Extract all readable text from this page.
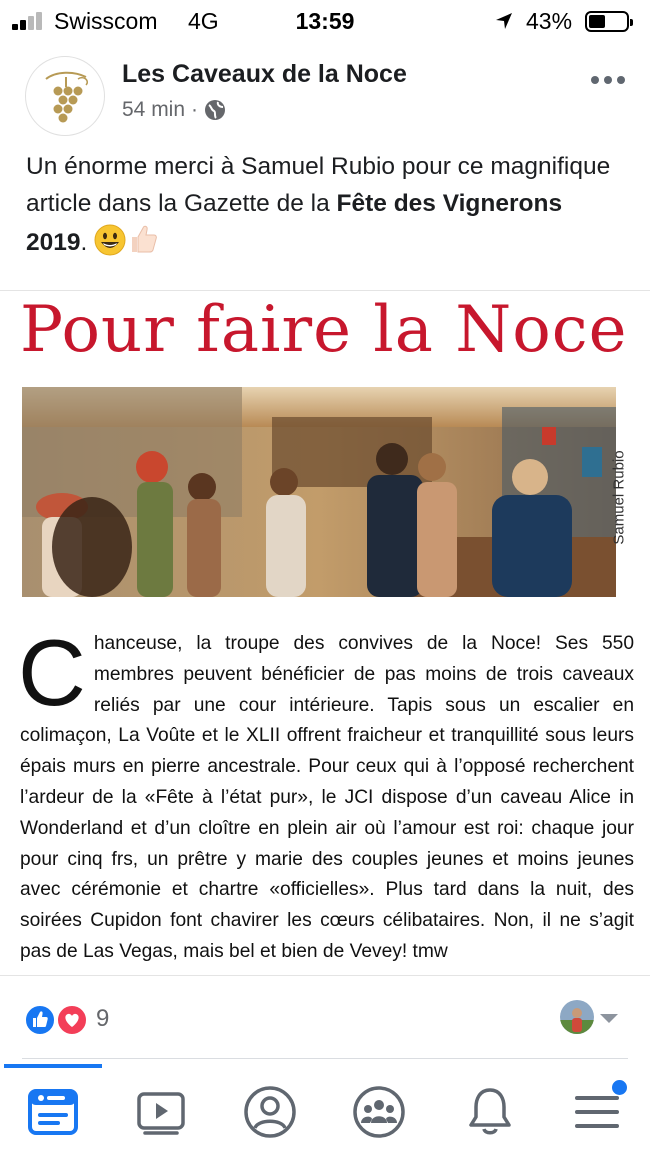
Swisscom 4G	13:59	43%
Les Caveaux de la Noce
54 min ·
Un énorme merci à Samuel Rubio pour ce magnifique article dans la Gazette de la Fête des Vignerons 2019.
Pour faire la Noce
Samuel Rubio
Chanceuse, la troupe des convives de la Noce! Ses 550 membres peuvent bénéficier de pas moins de trois caveaux reliés par une cour intérieure. Tapis sous un escalier en colimaçon, La Voûte et le XLII offrent fraicheur et tranquillité sous leurs épais murs en pierre ancestrale. Pour ceux qui à l’opposé recherchent l’ardeur de la «Fête à l’état pur», le JCI dispose d’un caveau Alice in Wonderland et d’un cloître en plein air où l’amour est roi: chaque jour pour cinq frs, un prêtre y marie des couples jeunes et moins jeunes avec cérémonie et chartre «officielles». Plus tard dans la nuit, des soirées Cupidon font chavirer les cœurs célibataires. Non, il ne s’agit pas de Las Vegas, mais bel et bien de Vevey! tmw
9
